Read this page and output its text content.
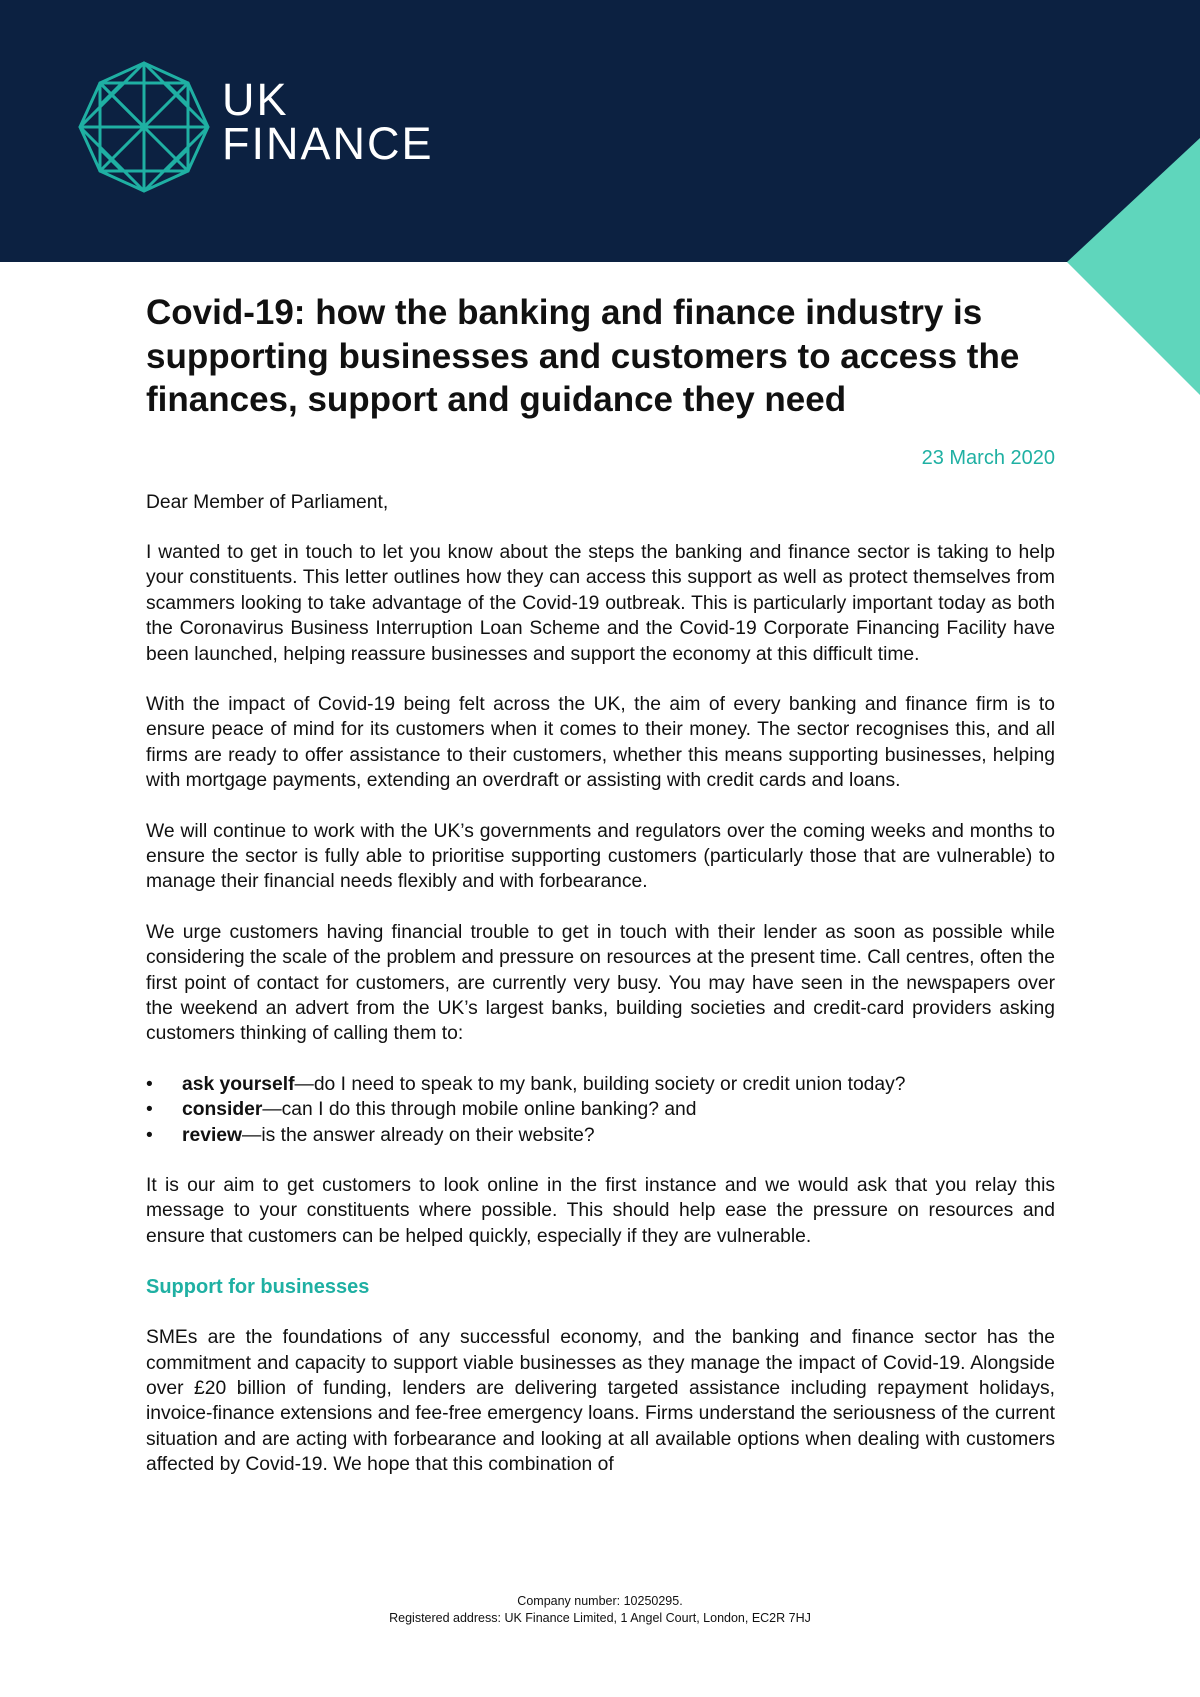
UK
FINANCE
Covid-19: how the banking and finance industry is supporting businesses and customers to access the finances, support and guidance they need
23 March 2020

Dear Member of Parliament,

I wanted to get in touch to let you know about the steps the banking and finance sector is taking to help your constituents. This letter outlines how they can access this support as well as protect themselves from scammers looking to take advantage of the Covid-19 outbreak. This is particularly important today as both the Coronavirus Business Interruption Loan Scheme and the Covid-19 Corporate Financing Facility have been launched, helping reassure businesses and support the economy at this difficult time.

With the impact of Covid-19 being felt across the UK, the aim of every banking and finance firm is to ensure peace of mind for its customers when it comes to their money. The sector recognises this, and all firms are ready to offer assistance to their customers, whether this means supporting businesses, helping with mortgage payments, extending an overdraft or assisting with credit cards and loans.

We will continue to work with the UK’s governments and regulators over the coming weeks and months to ensure the sector is fully able to prioritise supporting customers (particularly those that are vulnerable) to manage their financial needs flexibly and with forbearance.

We urge customers having financial trouble to get in touch with their lender as soon as possible while considering the scale of the problem and pressure on resources at the present time. Call centres, often the first point of contact for customers, are currently very busy. You may have seen in the newspapers over the weekend an advert from the UK’s largest banks, building societies and credit-card providers asking customers thinking of calling them to:

• ask yourself—do I need to speak to my bank, building society or credit union today?
• consider—can I do this through mobile online banking? and
• review—is the answer already on their website?

It is our aim to get customers to look online in the first instance and we would ask that you relay this message to your constituents where possible. This should help ease the pressure on resources and ensure that customers can be helped quickly, especially if they are vulnerable.

Support for businesses

SMEs are the foundations of any successful economy, and the banking and finance sector has the commitment and capacity to support viable businesses as they manage the impact of Covid-19. Alongside over £20 billion of funding, lenders are delivering targeted assistance including repayment holidays, invoice-finance extensions and fee-free emergency loans. Firms understand the seriousness of the current situation and are acting with forbearance and looking at all available options when dealing with customers affected by Covid-19. We hope that this combination of

Company number: 10250295.
Registered address: UK Finance Limited, 1 Angel Court, London, EC2R 7HJ
